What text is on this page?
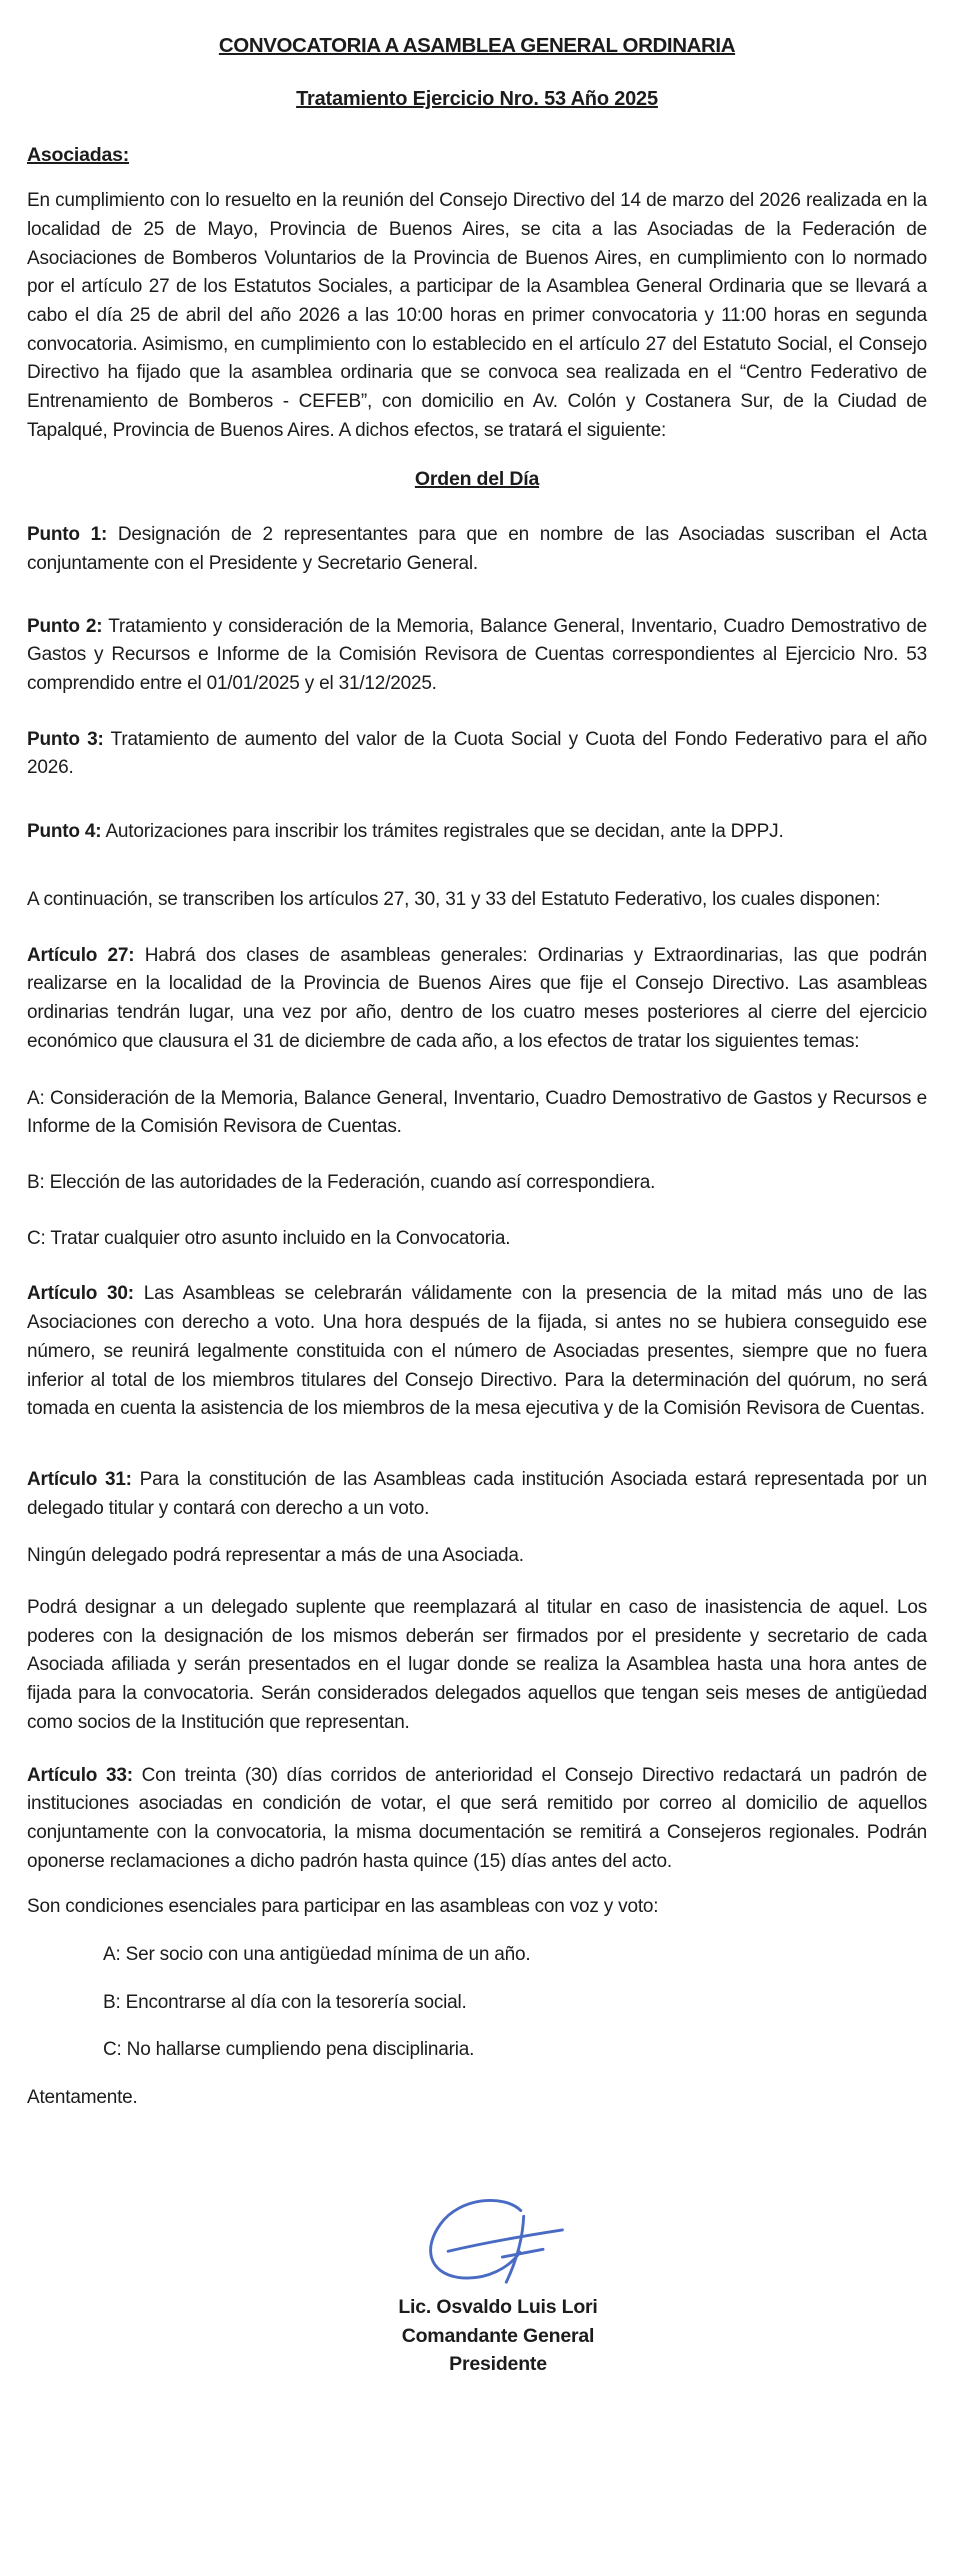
CONVOCATORIA A ASAMBLEA GENERAL ORDINARIA
Tratamiento Ejercicio Nro. 53 Año 2025
Asociadas:

En cumplimiento con lo resuelto en la reunión del Consejo Directivo del 14 de marzo del 2026 realizada en la localidad de 25 de Mayo, Provincia de Buenos Aires, se cita a las Asociadas de la Federación de Asociaciones de Bomberos Voluntarios de la Provincia de Buenos Aires, en cumplimiento con lo normado por el artículo 27 de los Estatutos Sociales, a participar de la Asamblea General Ordinaria que se llevará a cabo el día 25 de abril del año 2026 a las 10:00 horas en primer convocatoria y 11:00 horas en segunda convocatoria. Asimismo, en cumplimiento con lo establecido en el artículo 27 del Estatuto Social, el Consejo Directivo ha fijado que la asamblea ordinaria que se convoca sea realizada en el “Centro Federativo de Entrenamiento de Bomberos - CEFEB”, con domicilio en Av. Colón y Costanera Sur, de la Ciudad de Tapalqué, Provincia de Buenos Aires. A dichos efectos, se tratará el siguiente:

Orden del Día

Punto 1: Designación de 2 representantes para que en nombre de las Asociadas suscriban el Acta conjuntamente con el Presidente y Secretario General.

Punto 2: Tratamiento y consideración de la Memoria, Balance General, Inventario, Cuadro Demostrativo de Gastos y Recursos e Informe de la Comisión Revisora de Cuentas correspondientes al Ejercicio Nro. 53 comprendido entre el 01/01/2025 y el 31/12/2025.

Punto 3: Tratamiento de aumento del valor de la Cuota Social y Cuota del Fondo Federativo para el año 2026.

Punto 4: Autorizaciones para inscribir los trámites registrales que se decidan, ante la DPPJ.

A continuación, se transcriben los artículos 27, 30, 31 y 33 del Estatuto Federativo, los cuales disponen:

Artículo 27: Habrá dos clases de asambleas generales: Ordinarias y Extraordinarias, las que podrán realizarse en la localidad de la Provincia de Buenos Aires que fije el Consejo Directivo. Las asambleas ordinarias tendrán lugar, una vez por año, dentro de los cuatro meses posteriores al cierre del ejercicio económico que clausura el 31 de diciembre de cada año, a los efectos de tratar los siguientes temas:

A: Consideración de la Memoria, Balance General, Inventario, Cuadro Demostrativo de Gastos y Recursos e Informe de la Comisión Revisora de Cuentas.

B: Elección de las autoridades de la Federación, cuando así correspondiera.

C: Tratar cualquier otro asunto incluido en la Convocatoria.

Artículo 30: Las Asambleas se celebrarán válidamente con la presencia de la mitad más uno de las Asociaciones con derecho a voto. Una hora después de la fijada, si antes no se hubiera conseguido ese número, se reunirá legalmente constituida con el número de Asociadas presentes, siempre que no fuera inferior al total de los miembros titulares del Consejo Directivo. Para la determinación del quórum, no será tomada en cuenta la asistencia de los miembros de la mesa ejecutiva y de la Comisión Revisora de Cuentas.

Artículo 31: Para la constitución de las Asambleas cada institución Asociada estará representada por un delegado titular y contará con derecho a un voto.

Ningún delegado podrá representar a más de una Asociada.

Podrá designar a un delegado suplente que reemplazará al titular en caso de inasistencia de aquel. Los poderes con la designación de los mismos deberán ser firmados por el presidente y secretario de cada Asociada afiliada y serán presentados en el lugar donde se realiza la Asamblea hasta una hora antes de fijada para la convocatoria. Serán considerados delegados aquellos que tengan seis meses de antigüedad como socios de la Institución que representan.

Artículo 33: Con treinta (30) días corridos de anterioridad el Consejo Directivo redactará un padrón de instituciones asociadas en condición de votar, el que será remitido por correo al domicilio de aquellos conjuntamente con la convocatoria, la misma documentación se remitirá a Consejeros regionales. Podrán oponerse reclamaciones a dicho padrón hasta quince (15) días antes del acto.

Son condiciones esenciales para participar en las asambleas con voz y voto:

A: Ser socio con una antigüedad mínima de un año.

B: Encontrarse al día con la tesorería social.

C: No hallarse cumpliendo pena disciplinaria.

Atentamente.

Lic. Osvaldo Luis Lori
Comandante General
Presidente
